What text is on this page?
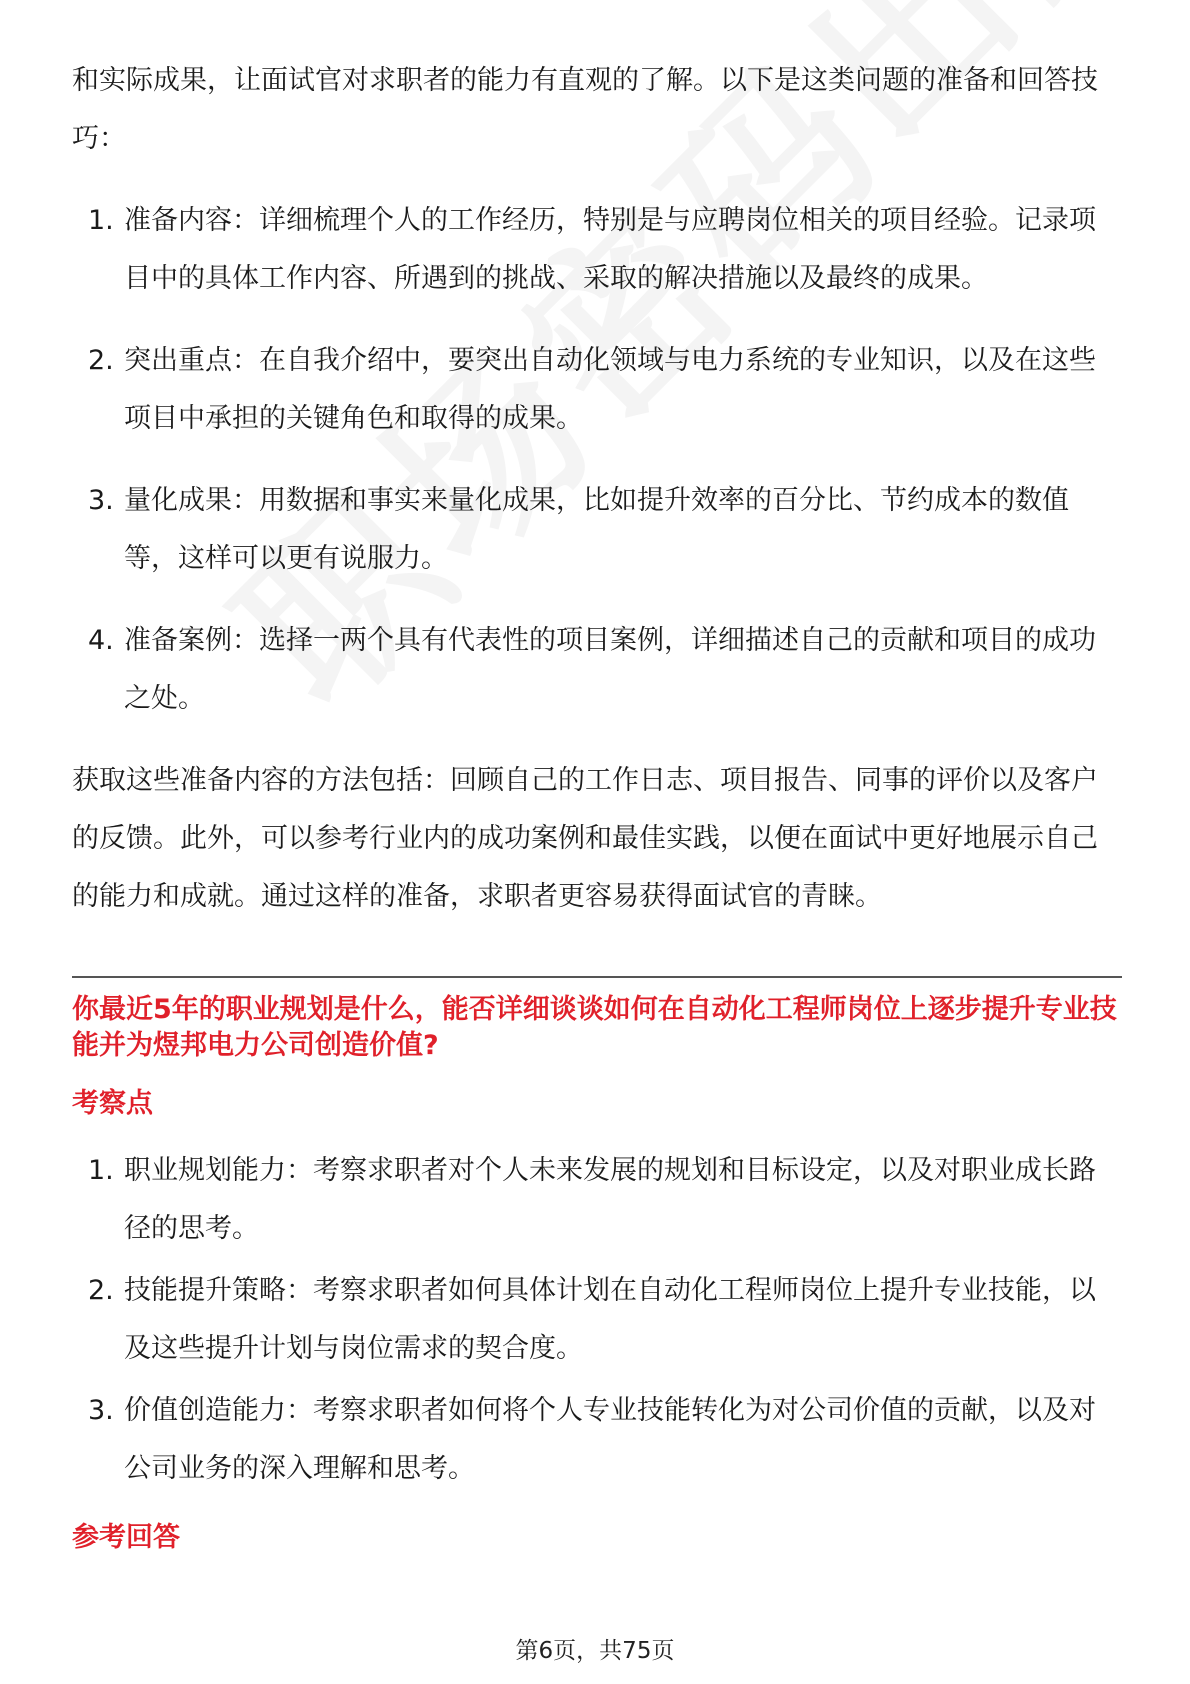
和实际成果，让面试官对求职者的能力有直观的了解。以下是这类问题的准备和回答技巧：

1. 准备内容：详细梳理个人的工作经历，特别是与应聘岗位相关的项目经验。记录项目中的具体工作内容、所遇到的挑战、采取的解决措施以及最终的成果。
2. 突出重点：在自我介绍中，要突出自动化领域与电力系统的专业知识，以及在这些项目中承担的关键角色和取得的成果。
3. 量化成果：用数据和事实来量化成果，比如提升效率的百分比、节约成本的数值等，这样可以更有说服力。
4. 准备案例：选择一两个具有代表性的项目案例，详细描述自己的贡献和项目的成功之处。

获取这些准备内容的方法包括：回顾自己的工作日志、项目报告、同事的评价以及客户的反馈。此外，可以参考行业内的成功案例和最佳实践，以便在面试中更好地展示自己的能力和成就。通过这样的准备，求职者更容易获得面试官的青睐。

你最近5年的职业规划是什么，能否详细谈谈如何在自动化工程师岗位上逐步提升专业技能并为煜邦电力公司创造价值?

考察点

1. 职业规划能力：考察求职者对个人未来发展的规划和目标设定，以及对职业成长路径的思考。
2. 技能提升策略：考察求职者如何具体计划在自动化工程师岗位上提升专业技能，以及这些提升计划与岗位需求的契合度。
3. 价值创造能力：考察求职者如何将个人专业技能转化为对公司价值的贡献，以及对公司业务的深入理解和思考。

参考回答

第6页，共75页
